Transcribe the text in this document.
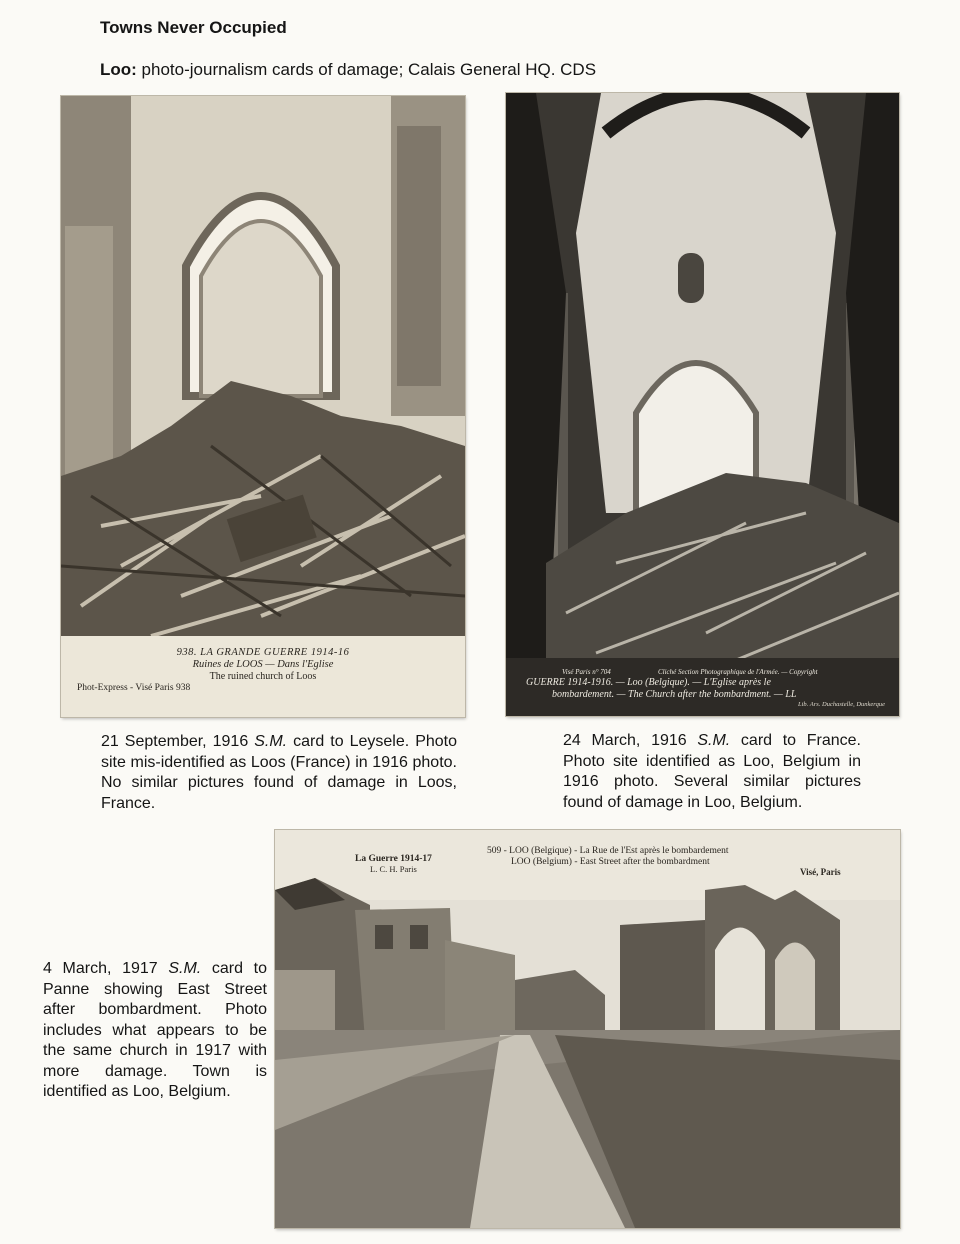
Towns Never Occupied
Loo: photo-journalism cards of damage; Calais General HQ. CDS
938. LA GRANDE GUERRE 1914-16
Ruines de LOOS — Dans l'Eglise
The ruined church of Loos
Phot-Express - Visé Paris 938
Visé Paris n° 704	Cliché Section Photographique de l'Armée. — Copyright
GUERRE 1914-1916. — Loo (Belgique). — L'Eglise après le
bombardement. — The Church after the bombardment. — LL
Lib. Ars. Duchastelle, Dunkerque
21 September, 1916 S.M. card to Leysele. Photo site mis-identified as Loos (France) in 1916 photo. No similar pictures found of damage in Loos, France.
24 March, 1916 S.M. card to France. Photo site identified as Loo, Belgium in 1916 photo. Several similar pictures found of damage in Loo, Belgium.
La Guerre 1914-17
L. C. H. Paris
509 - LOO (Belgique) - La Rue de l'Est après le bombardement
LOO (Belgium) - East Street after the bombardment
Visé, Paris
4 March, 1917 S.M. card to Panne showing East Street after bombardment. Photo includes what appears to be the same church in 1917 with more damage. Town is identified as Loo, Belgium.
